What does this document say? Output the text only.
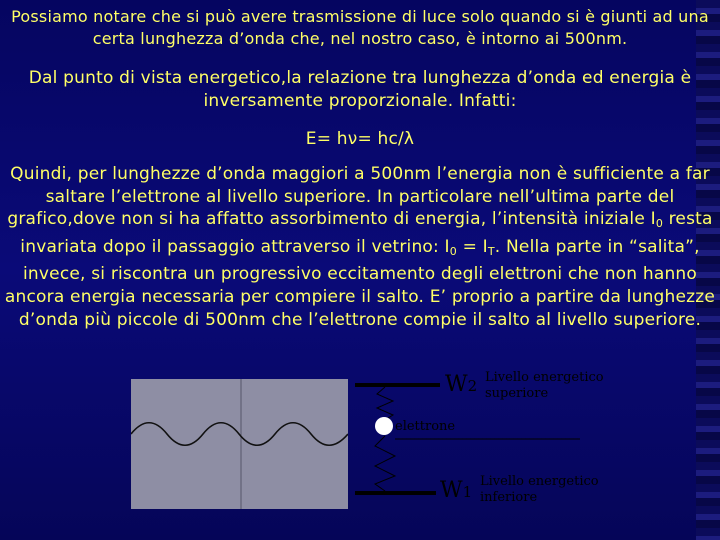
Possiamo notare che si può avere trasmissione di luce solo quando si è giunti ad una certa lunghezza d’onda che, nel nostro caso, è intorno ai 500nm.
Dal punto di vista energetico,la relazione tra lunghezza d’onda ed energia è inversamente proporzionale. Infatti:
E= hν= hc/λ
Quindi, per lunghezze d’onda maggiori a 500nm l’energia non è sufficiente a far saltare l’elettrone al livello superiore. In particolare nell’ultima parte del grafico,dove non si ha affatto assorbimento di energia, l’intensità iniziale $I_0$ resta invariata dopo il passaggio attraverso il vetrino: $I_0 = I_T$. Nella parte in “salita”, invece, si riscontra un progressivo eccitamento degli elettroni che non hanno ancora energia necessaria per compiere il salto. E’ proprio a partire da lunghezze d’onda più piccole di 500nm che l’elettrone compie il salto al livello superiore.
W2 Livello energetico
superiore
elettrone
W1
Livello energetico
inferiore
